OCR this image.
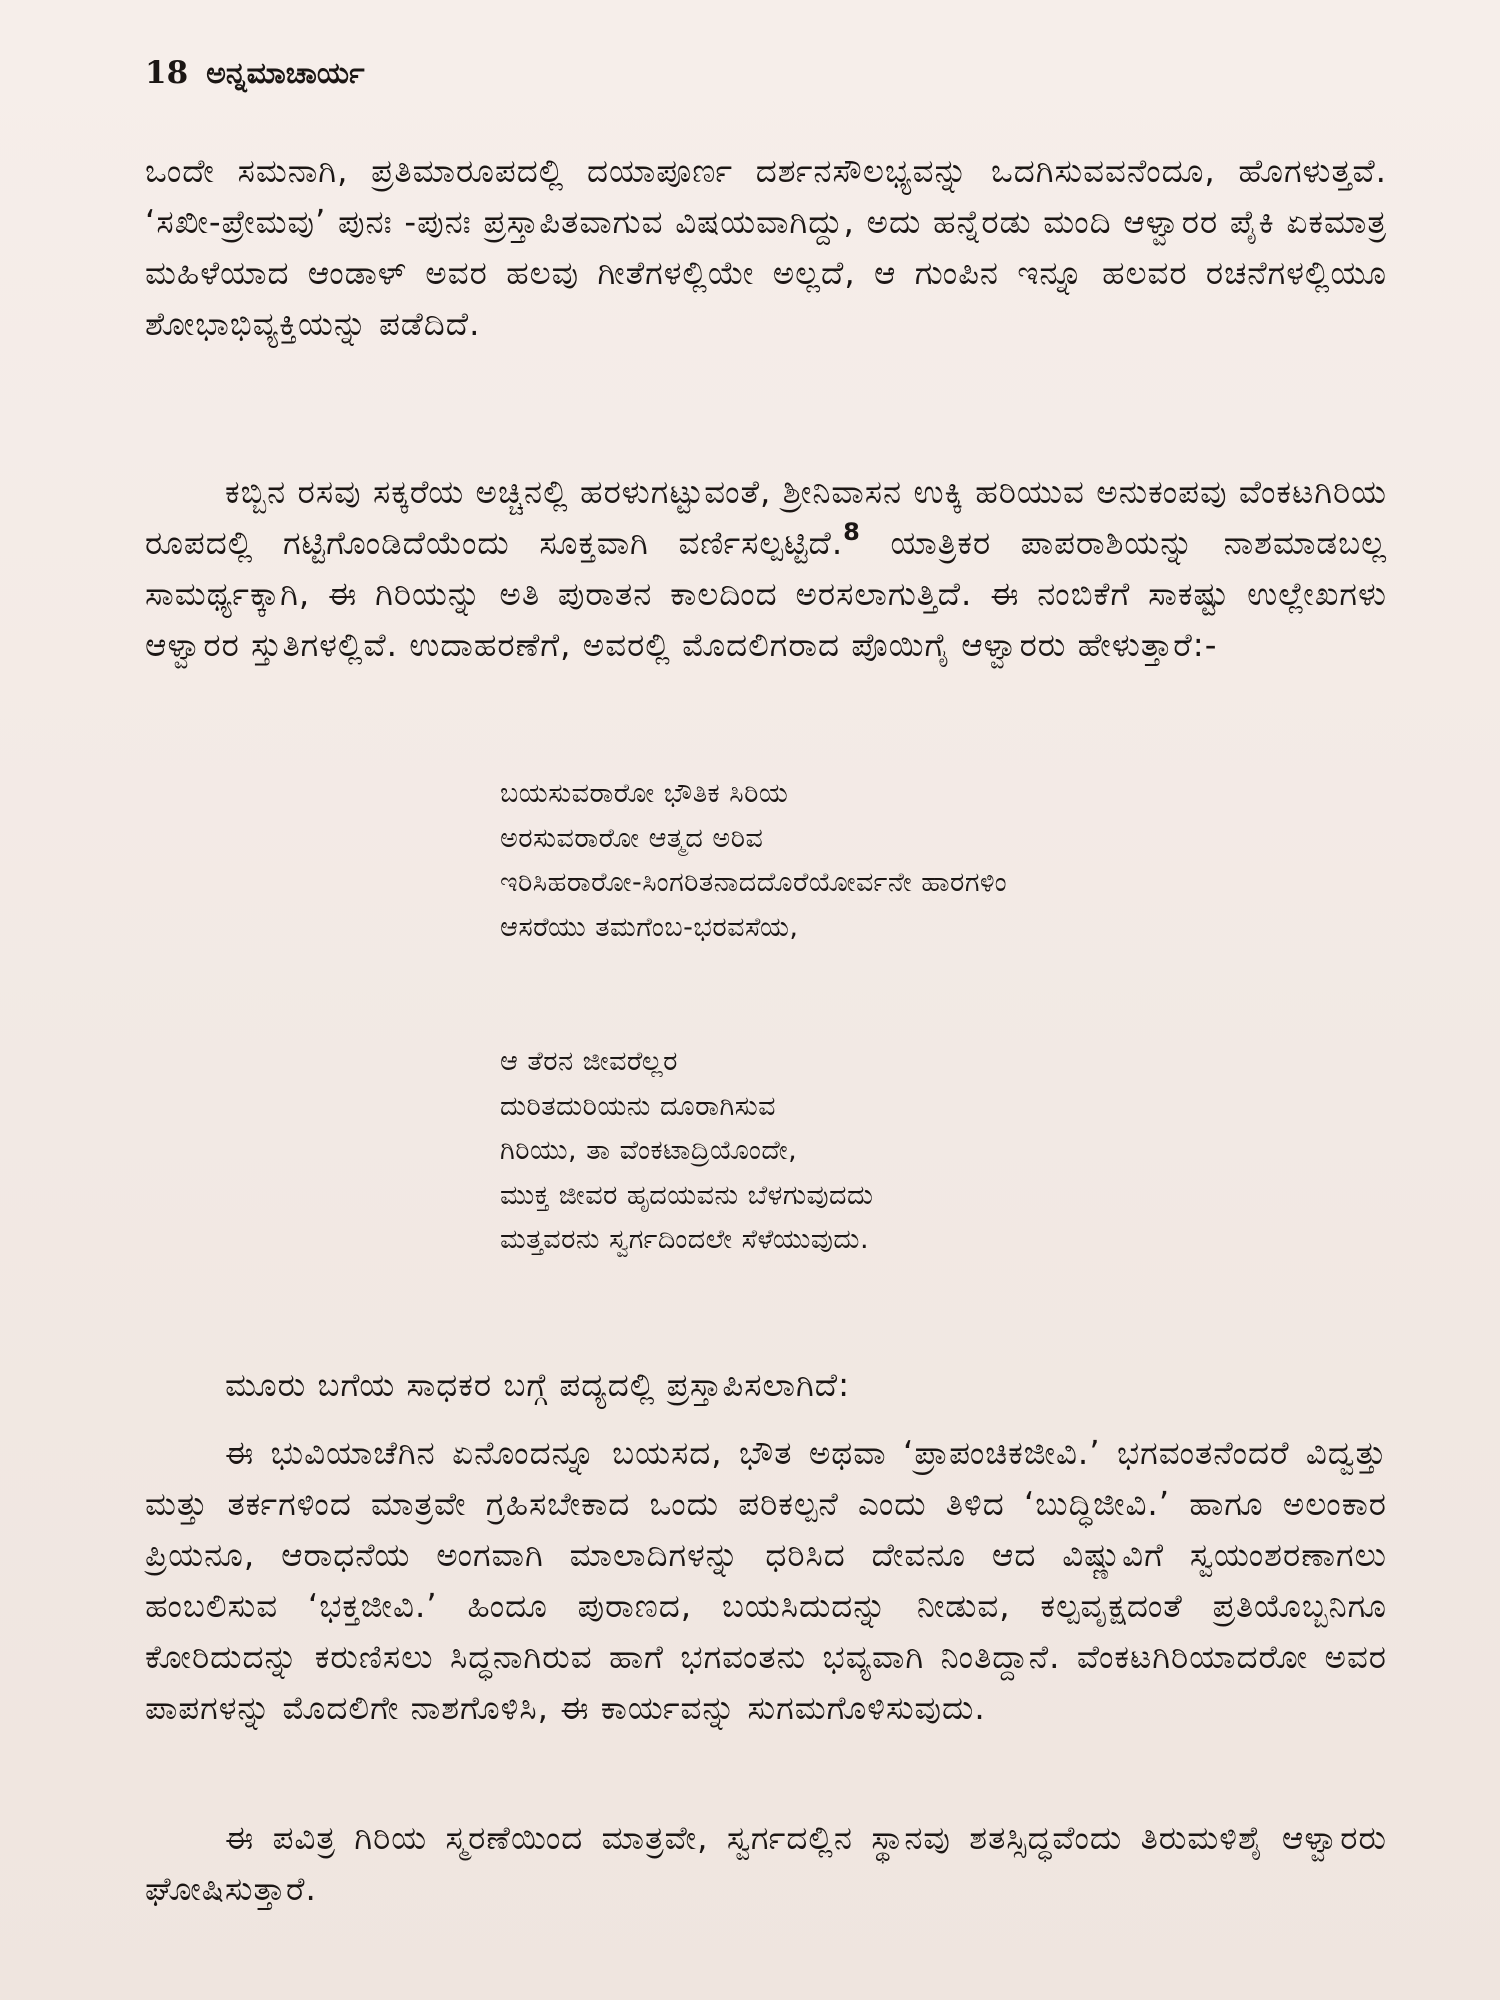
18 ಅನ್ನಮಾಚಾರ್ಯ
ಒಂದೇ ಸಮನಾಗಿ, ಪ್ರತಿಮಾರೂಪದಲ್ಲಿ ದಯಾಪೂರ್ಣ ದರ್ಶನಸೌಲಭ್ಯವನ್ನು ಒದಗಿಸುವವನೆಂದೂ, ಹೊಗಳುತ್ತವೆ. ‘ಸಖೀ-ಪ್ರೇಮವು’ ಪುನಃ -ಪುನಃ ಪ್ರಸ್ತಾಪಿತವಾಗುವ ವಿಷಯವಾಗಿದ್ದು, ಅದು ಹನ್ನೆರಡು ಮಂದಿ ಆಳ್ವಾರರ ಪೈಕಿ ಏಕಮಾತ್ರ ಮಹಿಳೆಯಾದ ಆಂಡಾಳ್ ಅವರ ಹಲವು ಗೀತೆಗಳಲ್ಲಿಯೇ ಅಲ್ಲದೆ, ಆ ಗುಂಪಿನ ಇನ್ನೂ ಹಲವರ ರಚನೆಗಳಲ್ಲಿಯೂ ಶೋಭಾಭಿವ್ಯಕ್ತಿಯನ್ನು ಪಡೆದಿದೆ.
ಕಬ್ಬಿನ ರಸವು ಸಕ್ಕರೆಯ ಅಚ್ಚಿನಲ್ಲಿ ಹರಳುಗಟ್ಟುವಂತೆ, ಶ್ರೀನಿವಾಸನ ಉಕ್ಕಿ ಹರಿಯುವ ಅನುಕಂಪವು ವೆಂಕಟಗಿರಿಯ ರೂಪದಲ್ಲಿ ಗಟ್ಟಿಗೊಂಡಿದೆಯೆಂದು ಸೂಕ್ತವಾಗಿ ವರ್ಣಿಸಲ್ಪಟ್ಟಿದೆ.$^8$ ಯಾತ್ರಿಕರ ಪಾಪರಾಶಿಯನ್ನು ನಾಶಮಾಡಬಲ್ಲ ಸಾಮರ್ಥ್ಯಕ್ಕಾಗಿ, ಈ ಗಿರಿಯನ್ನು ಅತಿ ಪುರಾತನ ಕಾಲದಿಂದ ಅರಸಲಾಗುತ್ತಿದೆ. ಈ ನಂಬಿಕೆಗೆ ಸಾಕಷ್ಟು ಉಲ್ಲೇಖಗಳು ಆಳ್ವಾರರ ಸ್ತುತಿಗಳಲ್ಲಿವೆ. ಉದಾಹರಣೆಗೆ, ಅವರಲ್ಲಿ ಮೊದಲಿಗರಾದ ಪೊಯಿಗೈ ಆಳ್ವಾರರು ಹೇಳುತ್ತಾರೆ:-
ಬಯಸುವರಾರೋ ಭೌತಿಕ ಸಿರಿಯ
ಅರಸುವರಾರೋ ಆತ್ಮದ ಅರಿವ
ಇರಿಸಿಹರಾರೋ-ಸಿಂಗರಿತನಾದದೊರೆಯೋರ್ವನೇ ಹಾರಗಳಿಂ
ಆಸರೆಯು ತಮಗೆಂಬ-ಭರವಸೆಯ,
ಆ ತೆರನ ಜೀವರೆಲ್ಲರ
ದುರಿತದುರಿಯನು ದೂರಾಗಿಸುವ
ಗಿರಿಯು, ತಾ ವೆಂಕಟಾದ್ರಿಯೊಂದೇ,
ಮುಕ್ತ ಜೀವರ ಹೃದಯವನು ಬೆಳಗುವುದದು
ಮತ್ತವರನು ಸ್ವರ್ಗದಿಂದಲೇ ಸೆಳೆಯುವುದು.
ಮೂರು ಬಗೆಯ ಸಾಧಕರ ಬಗ್ಗೆ ಪದ್ಯದಲ್ಲಿ ಪ್ರಸ್ತಾಪಿಸಲಾಗಿದೆ:
ಈ ಭುವಿಯಾಚೆಗಿನ ಏನೊಂದನ್ನೂ ಬಯಸದ, ಭೌತ ಅಥವಾ ‘ಪ್ರಾಪಂಚಿಕಜೀವಿ.’ ಭಗವಂತನೆಂದರೆ ವಿದ್ವತ್ತು ಮತ್ತು ತರ್ಕಗಳಿಂದ ಮಾತ್ರವೇ ಗ್ರಹಿಸಬೇಕಾದ ಒಂದು ಪರಿಕಲ್ಪನೆ ಎಂದು ತಿಳಿದ ‘ಬುದ್ಧಿಜೀವಿ.’ ಹಾಗೂ ಅಲಂಕಾರ ಪ್ರಿಯನೂ, ಆರಾಧನೆಯ ಅಂಗವಾಗಿ ಮಾಲಾದಿಗಳನ್ನು ಧರಿಸಿದ ದೇವನೂ ಆದ ವಿಷ್ಣುವಿಗೆ ಸ್ವಯಂಶರಣಾಗಲು ಹಂಬಲಿಸುವ ‘ಭಕ್ತಜೀವಿ.’ ಹಿಂದೂ ಪುರಾಣದ, ಬಯಸಿದುದನ್ನು ನೀಡುವ, ಕಲ್ಪವೃಕ್ಷದಂತೆ ಪ್ರತಿಯೊಬ್ಬನಿಗೂ ಕೋರಿದುದನ್ನು ಕರುಣಿಸಲು ಸಿದ್ಧನಾಗಿರುವ ಹಾಗೆ ಭಗವಂತನು ಭವ್ಯವಾಗಿ ನಿಂತಿದ್ದಾನೆ. ವೆಂಕಟಗಿರಿಯಾದರೋ ಅವರ ಪಾಪಗಳನ್ನು ಮೊದಲಿಗೇ ನಾಶಗೊಳಿಸಿ, ಈ ಕಾರ್ಯವನ್ನು ಸುಗಮಗೊಳಿಸುವುದು.
ಈ ಪವಿತ್ರ ಗಿರಿಯ ಸ್ಮರಣೆಯಿಂದ ಮಾತ್ರವೇ, ಸ್ವರ್ಗದಲ್ಲಿನ ಸ್ಥಾನವು ಶತಸ್ಸಿದ್ಧವೆಂದು ತಿರುಮಳಿಶೈ ಆಳ್ವಾರರು ಘೋಷಿಸುತ್ತಾರೆ.
